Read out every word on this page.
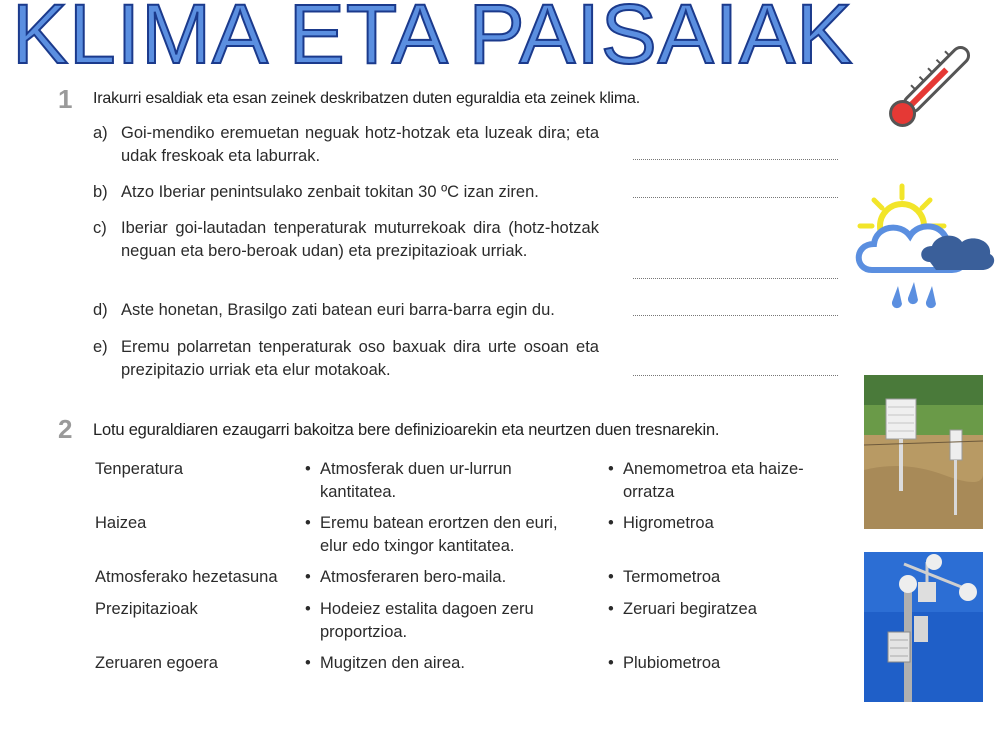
KLIMA ETA PAISAIAK
1 Irakurri esaldiak eta esan zeinek deskribatzen duten eguraldia eta zeinek klima.
a) Goi-mendiko eremuetan neguak hotz-hotzak eta luzeak dira; eta udak freskoak eta laburrak.
b) Atzo Iberiar penintsulako zenbait tokitan 30 ºC izan ziren.
c) Iberiar goi-lautadan tenperaturak muturrekoak dira (hotz-hotzak neguan eta bero-beroak udan) eta prezipitazioak urriak.
d) Aste honetan, Brasilgo zati batean euri barra-barra egin du.
e) Eremu polarretan tenperaturak oso baxuak dira urte osoan eta prezipitazio urriak eta elur motakoak.
2 Lotu eguraldiaren ezaugarri bakoitza bere definizioarekin eta neurtzen duen tresnarekin.
Tenperatura
Haizea
Atmosferako hezetasuna
Prezipitazioak
Zeruaren egoera
• Atmosferak duen ur-lurrun kantitatea.
• Eremu batean erortzen den euri, elur edo txingor kantitatea.
• Atmosferaren bero-maila.
• Hodeiez estalita dagoen zeru proportzioa.
• Mugitzen den airea.
• Anemometroa eta haize-orratza
• Higrometroa
• Termometroa
• Zeruari begiratzea
• Plubiometroa
